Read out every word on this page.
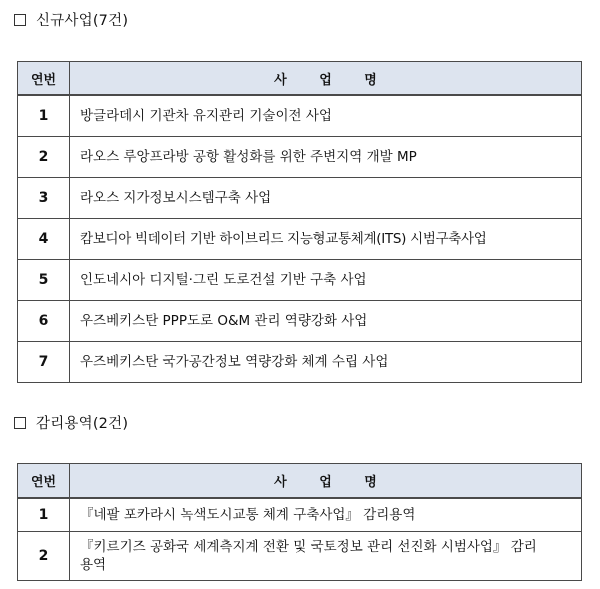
신규사업(7건)
연번	사 업 명
1	방글라데시 기관차 유지관리 기술이전 사업
2	라오스 루앙프라방 공항 활성화를 위한 주변지역 개발 MP
3	라오스 지가정보시스템구축 사업
4	캄보디아 빅데이터 기반 하이브리드 지능형교통체계(ITS) 시범구축사업
5	인도네시아 디지털·그린 도로건설 기반 구축 사업
6	우즈베키스탄 PPP도로 O&M 관리 역량강화 사업
7	우즈베키스탄 국가공간정보 역량강화 체계 수립 사업
감리용역(2건)
연번	사 업 명
1	『네팔 포카라시 녹색도시교통 체계 구축사업』 감리용역
2	『키르기즈 공화국 세계측지계 전환 및 국토정보 관리 선진화 시범사업』 감리용역
